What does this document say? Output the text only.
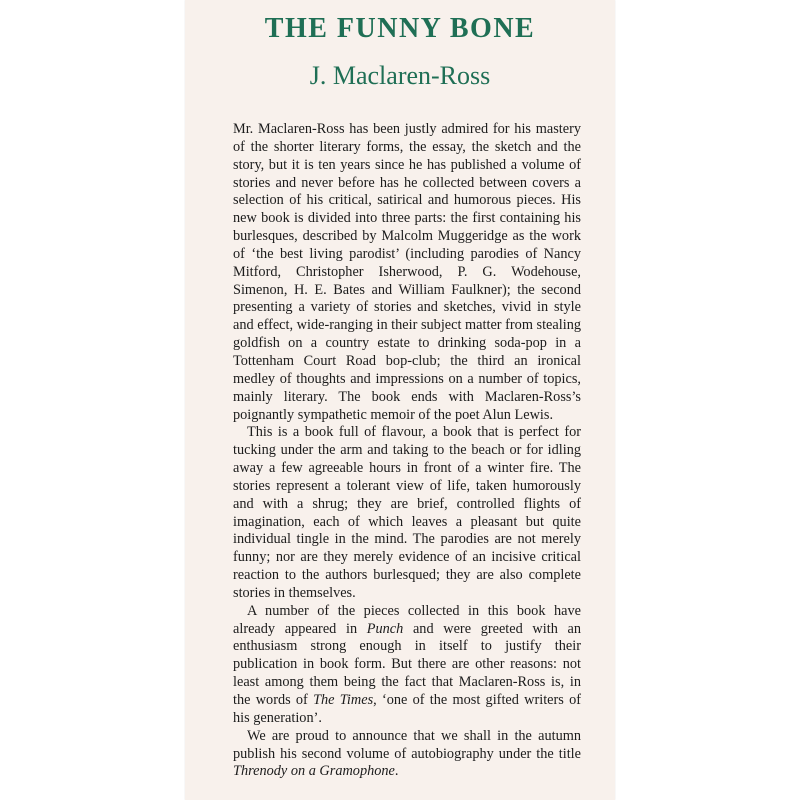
THE FUNNY BONE
J. Maclaren-Ross

Mr. Maclaren-Ross has been justly admired for his mastery of the shorter literary forms, the essay, the sketch and the story, but it is ten years since he has published a volume of stories and never before has he collected between covers a selection of his critical, satirical and humorous pieces. His new book is divided into three parts: the first containing his burlesques, described by Malcolm Muggeridge as the work of ‘the best living parodist’ (including parodies of Nancy Mitford, Christopher Isherwood, P. G. Wodehouse, Simenon, H. E. Bates and William Faulkner); the second presenting a variety of stories and sketches, vivid in style and effect, wide-ranging in their subject matter from stealing goldfish on a country estate to drinking soda-pop in a Tottenham Court Road bop-club; the third an ironical medley of thoughts and impressions on a number of topics, mainly literary. The book ends with Maclaren-Ross’s poignantly sympathetic memoir of the poet Alun Lewis.

This is a book full of flavour, a book that is perfect for tucking under the arm and taking to the beach or for idling away a few agreeable hours in front of a winter fire. The stories represent a tolerant view of life, taken humorously and with a shrug; they are brief, controlled flights of imagination, each of which leaves a pleasant but quite individual tingle in the mind. The parodies are not merely funny; nor are they merely evidence of an incisive critical reaction to the authors burlesqued; they are also complete stories in themselves.

A number of the pieces collected in this book have already appeared in Punch and were greeted with an enthusiasm strong enough in itself to justify their publication in book form. But there are other reasons: not least among them being the fact that Maclaren-Ross is, in the words of The Times, ‘one of the most gifted writers of his generation’.

We are proud to announce that we shall in the autumn publish his second volume of autobiography under the title Threnody on a Gramophone.
